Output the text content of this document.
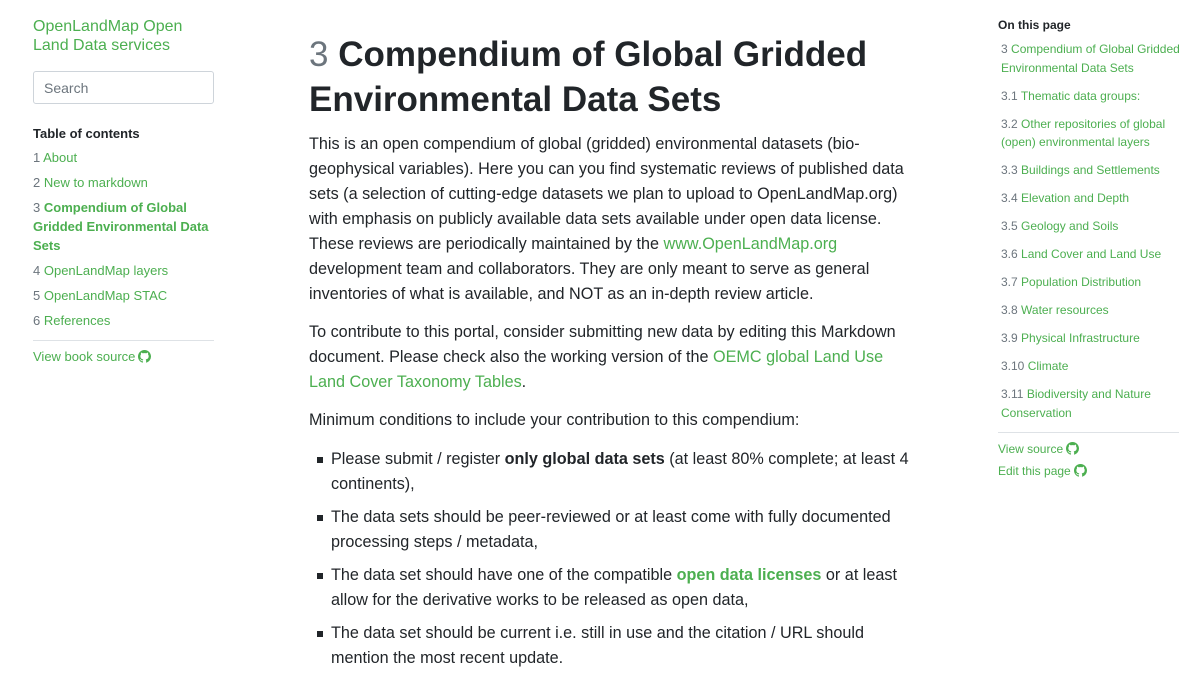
OpenLandMap Open Land Data services
Search
Table of contents
1 About
2 New to markdown
3 Compendium of Global Gridded Environmental Data Sets
4 OpenLandMap layers
5 OpenLandMap STAC
6 References
View book source
3 Compendium of Global Gridded Environmental Data Sets

This is an open compendium of global (gridded) environmental datasets (bio-geophysical variables). Here you can you find systematic reviews of published data sets (a selection of cutting-edge datasets we plan to upload to OpenLandMap.org) with emphasis on publicly available data sets available under open data license. These reviews are periodically maintained by the www.OpenLandMap.org development team and collaborators. They are only meant to serve as general inventories of what is available, and NOT as an in-depth review article.

To contribute to this portal, consider submitting new data by editing this Markdown document. Please check also the working version of the OEMC global Land Use Land Cover Taxonomy Tables.

Minimum conditions to include your contribution to this compendium:

Please submit / register only global data sets (at least 80% complete; at least 4 continents),
The data sets should be peer-reviewed or at least come with fully documented processing steps / metadata,
The data set should have one of the compatible open data licenses or at least allow for the derivative works to be released as open data,
The data set should be current i.e. still in use and the citation / URL should mention the most recent update.
On this page
3 Compendium of Global Gridded Environmental Data Sets
3.1 Thematic data groups:
3.2 Other repositories of global (open) environmental layers
3.3 Buildings and Settlements
3.4 Elevation and Depth
3.5 Geology and Soils
3.6 Land Cover and Land Use
3.7 Population Distribution
3.8 Water resources
3.9 Physical Infrastructure
3.10 Climate
3.11 Biodiversity and Nature Conservation
View source
Edit this page
